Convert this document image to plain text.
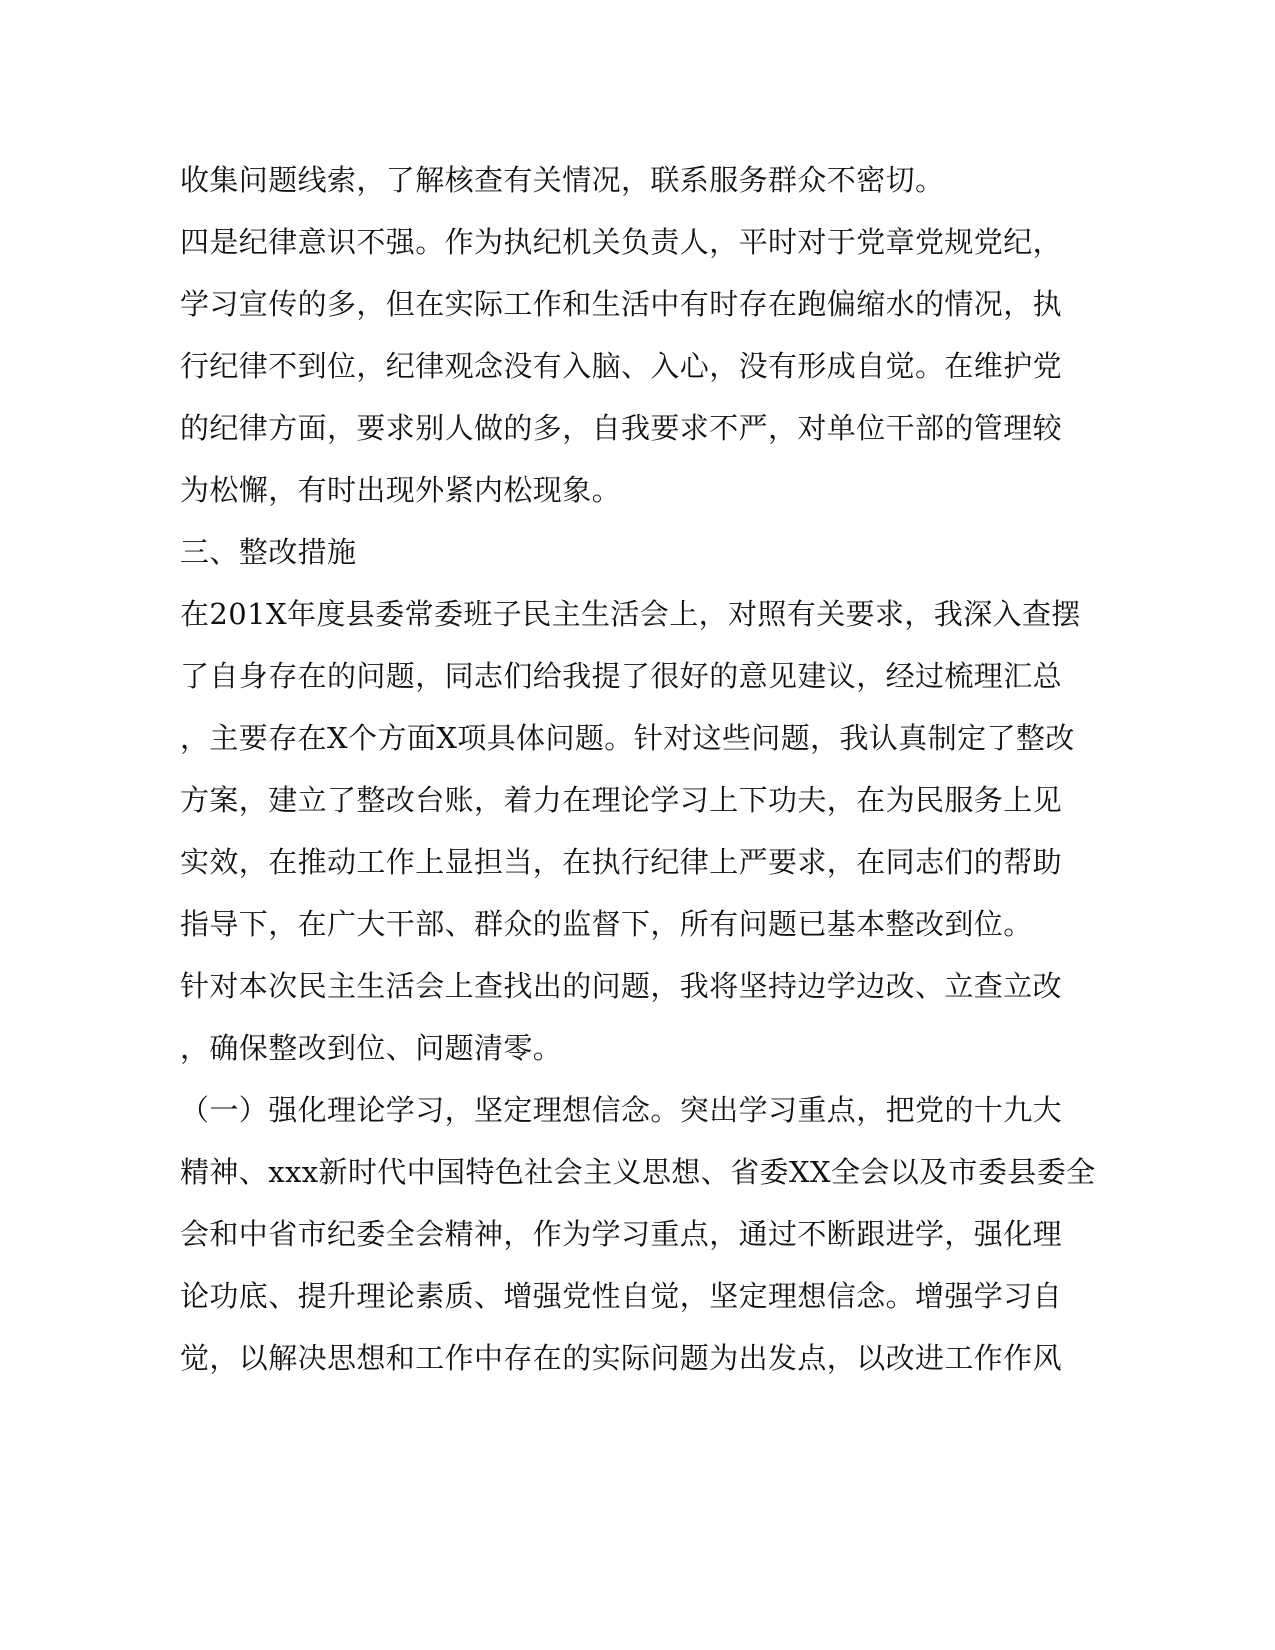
收集问题线索，了解核查有关情况，联系服务群众不密切。
四是纪律意识不强。作为执纪机关负责人，平时对于党章党规党纪，
学习宣传的多，但在实际工作和生活中有时存在跑偏缩水的情况，执
行纪律不到位，纪律观念没有入脑、入心，没有形成自觉。在维护党
的纪律方面，要求别人做的多，自我要求不严，对单位干部的管理较
为松懈，有时出现外紧内松现象。
三、整改措施
在201X年度县委常委班子民主生活会上，对照有关要求，我深入查摆
了自身存在的问题，同志们给我提了很好的意见建议，经过梳理汇总
，主要存在X个方面X项具体问题。针对这些问题，我认真制定了整改
方案，建立了整改台账，着力在理论学习上下功夫，在为民服务上见
实效，在推动工作上显担当，在执行纪律上严要求，在同志们的帮助
指导下，在广大干部、群众的监督下，所有问题已基本整改到位。
针对本次民主生活会上查找出的问题，我将坚持边学边改、立查立改
，确保整改到位、问题清零。
（一）强化理论学习，坚定理想信念。突出学习重点，把党的十九大
精神、xxx新时代中国特色社会主义思想、省委XX全会以及市委县委全
会和中省市纪委全会精神，作为学习重点，通过不断跟进学，强化理
论功底、提升理论素质、增强党性自觉，坚定理想信念。增强学习自
觉，以解决思想和工作中存在的实际问题为出发点，以改进工作作风
